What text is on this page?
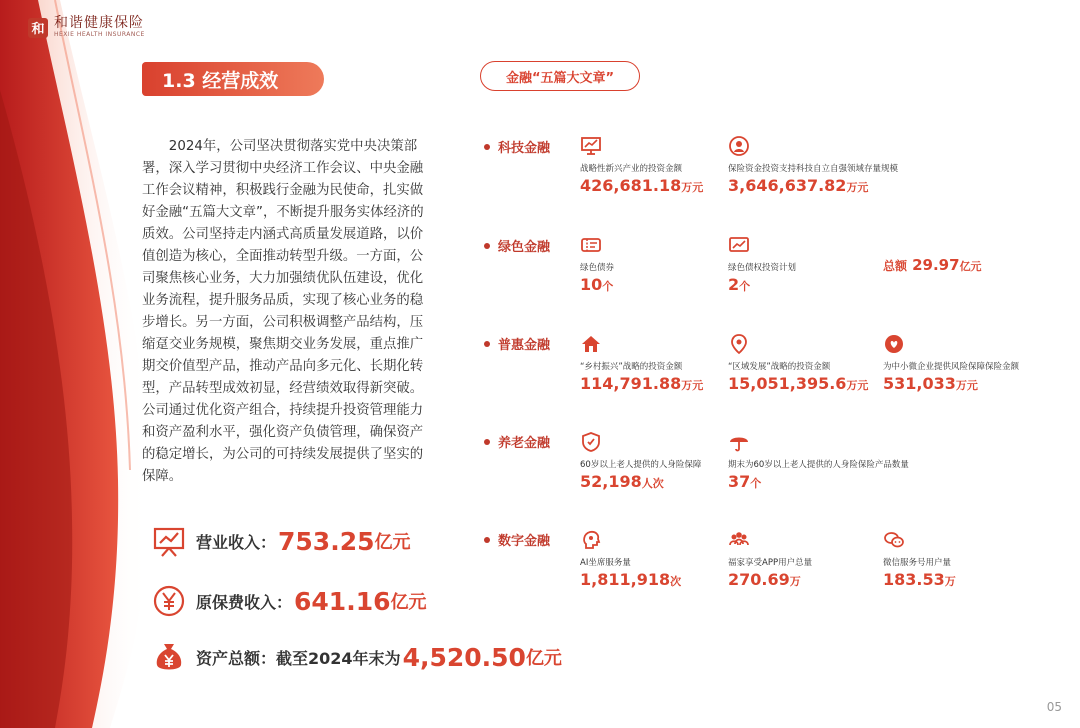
和 和谐健康保险
HEXIE HEALTH INSURANCE
1.3 经营成效
2024年，公司坚决贯彻落实党中央决策部
署，深入学习贯彻中央经济工作会议、中央金融
工作会议精神，积极践行金融为民使命，扎实做
好金融“五篇大文章”，不断提升服务实体经济的
质效。公司坚持走内涵式高质量发展道路，以价
值创造为核心，全面推动转型升级。一方面，公
司聚焦核心业务，大力加强绩优队伍建设，优化
业务流程，提升服务品质，实现了核心业务的稳
步增长。另一方面，公司积极调整产品结构，压
缩趸交业务规模，聚焦期交业务发展，重点推广
期交价值型产品，推动产品向多元化、长期化转
型，产品转型成效初显，经营绩效取得新突破。
公司通过优化资产组合，持续提升投资管理能力
和资产盈利水平，强化资产负债管理，确保资产
的稳定增长，为公司的可持续发展提供了坚实的
保障。
营业收入： 753.25 亿元
原保费收入： 641.16 亿元
资产总额： 截至2024年末为 4,520.50 亿元
金融“五篇大文章”
科技金融
绿色金融
普惠金融
养老金融
数字金融
战略性新兴产业的投资金额
426,681.18万元
保险资金投资支持科技自立自强领域存量规模
3,646,637.82万元
绿色债券
10个
绿色债权投资计划
2个
总额 29.97亿元
“乡村振兴”战略的投资金额
114,791.88万元
“区域发展”战略的投资金额
15,051,395.6万元
为中小微企业提供风险保障保险金额
531,033万元
60岁以上老人提供的人身险保障
52,198人次
期末为60岁以上老人提供的人身险保险产品数量
37个
AI坐席服务量
1,811,918次
福家享受APP用户总量
270.69万
微信服务号用户量
183.53万
05
